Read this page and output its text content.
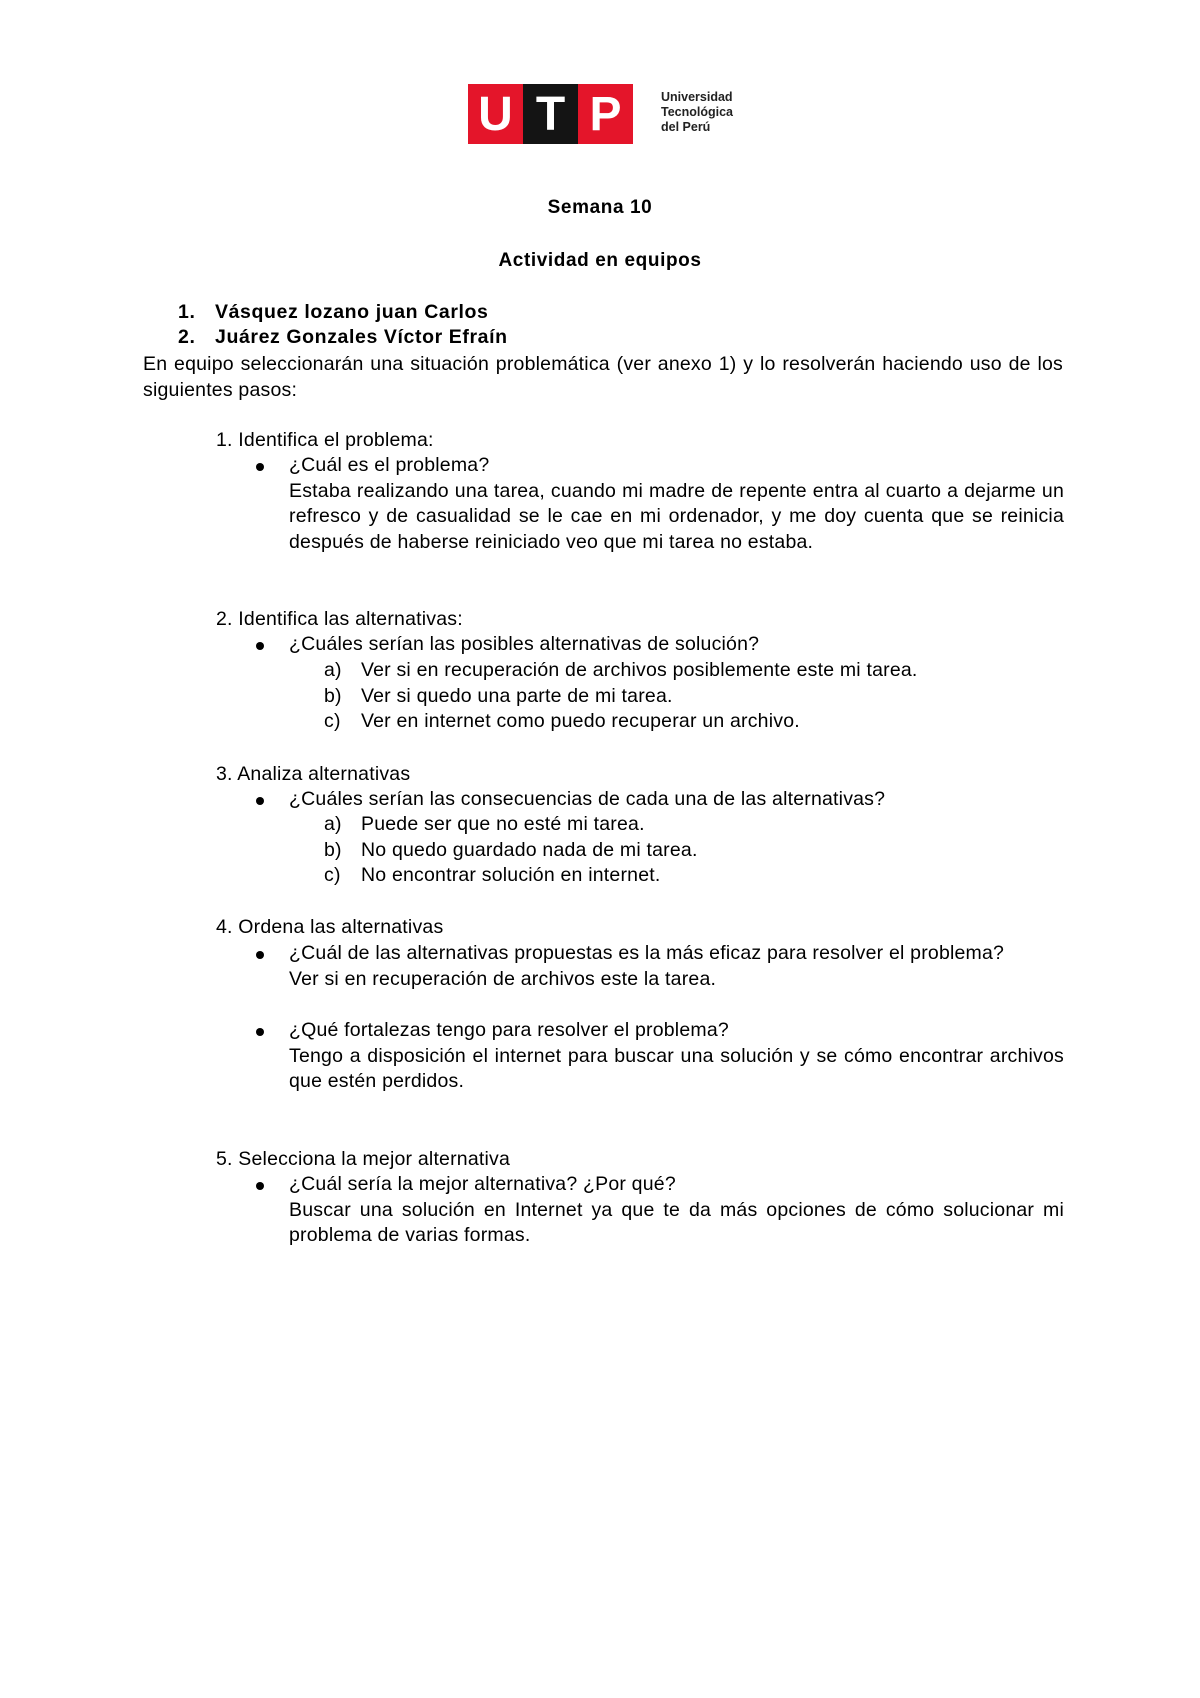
U T P	Universidad
Tecnológica
del Perú
Semana 10
Actividad en equipos
1. Vásquez lozano juan Carlos
2. Juárez Gonzales Víctor Efraín
En equipo seleccionarán una situación problemática (ver anexo 1) y lo resolverán haciendo uso de los siguientes pasos:
1. Identifica el problema:
¿Cuál es el problema?
Estaba realizando una tarea, cuando mi madre de repente entra al cuarto a dejarme un refresco y de casualidad se le cae en mi ordenador, y me doy cuenta que se reinicia después de haberse reiniciado veo que mi tarea no estaba.
2. Identifica las alternativas:
¿Cuáles serían las posibles alternativas de solución?
a) Ver si en recuperación de archivos posiblemente este mi tarea.
b) Ver si quedo una parte de mi tarea.
c) Ver en internet como puedo recuperar un archivo.
3. Analiza alternativas
¿Cuáles serían las consecuencias de cada una de las alternativas?
a) Puede ser que no esté mi tarea.
b) No quedo guardado nada de mi tarea.
c) No encontrar solución en internet.
4. Ordena las alternativas
¿Cuál de las alternativas propuestas es la más eficaz para resolver el problema?
Ver si en recuperación de archivos este la tarea.
¿Qué fortalezas tengo para resolver el problema?
Tengo a disposición el internet para buscar una solución y se cómo encontrar archivos que estén perdidos.
5. Selecciona la mejor alternativa
¿Cuál sería la mejor alternativa? ¿Por qué?
Buscar una solución en Internet ya que te da más opciones de cómo solucionar mi problema de varias formas.
